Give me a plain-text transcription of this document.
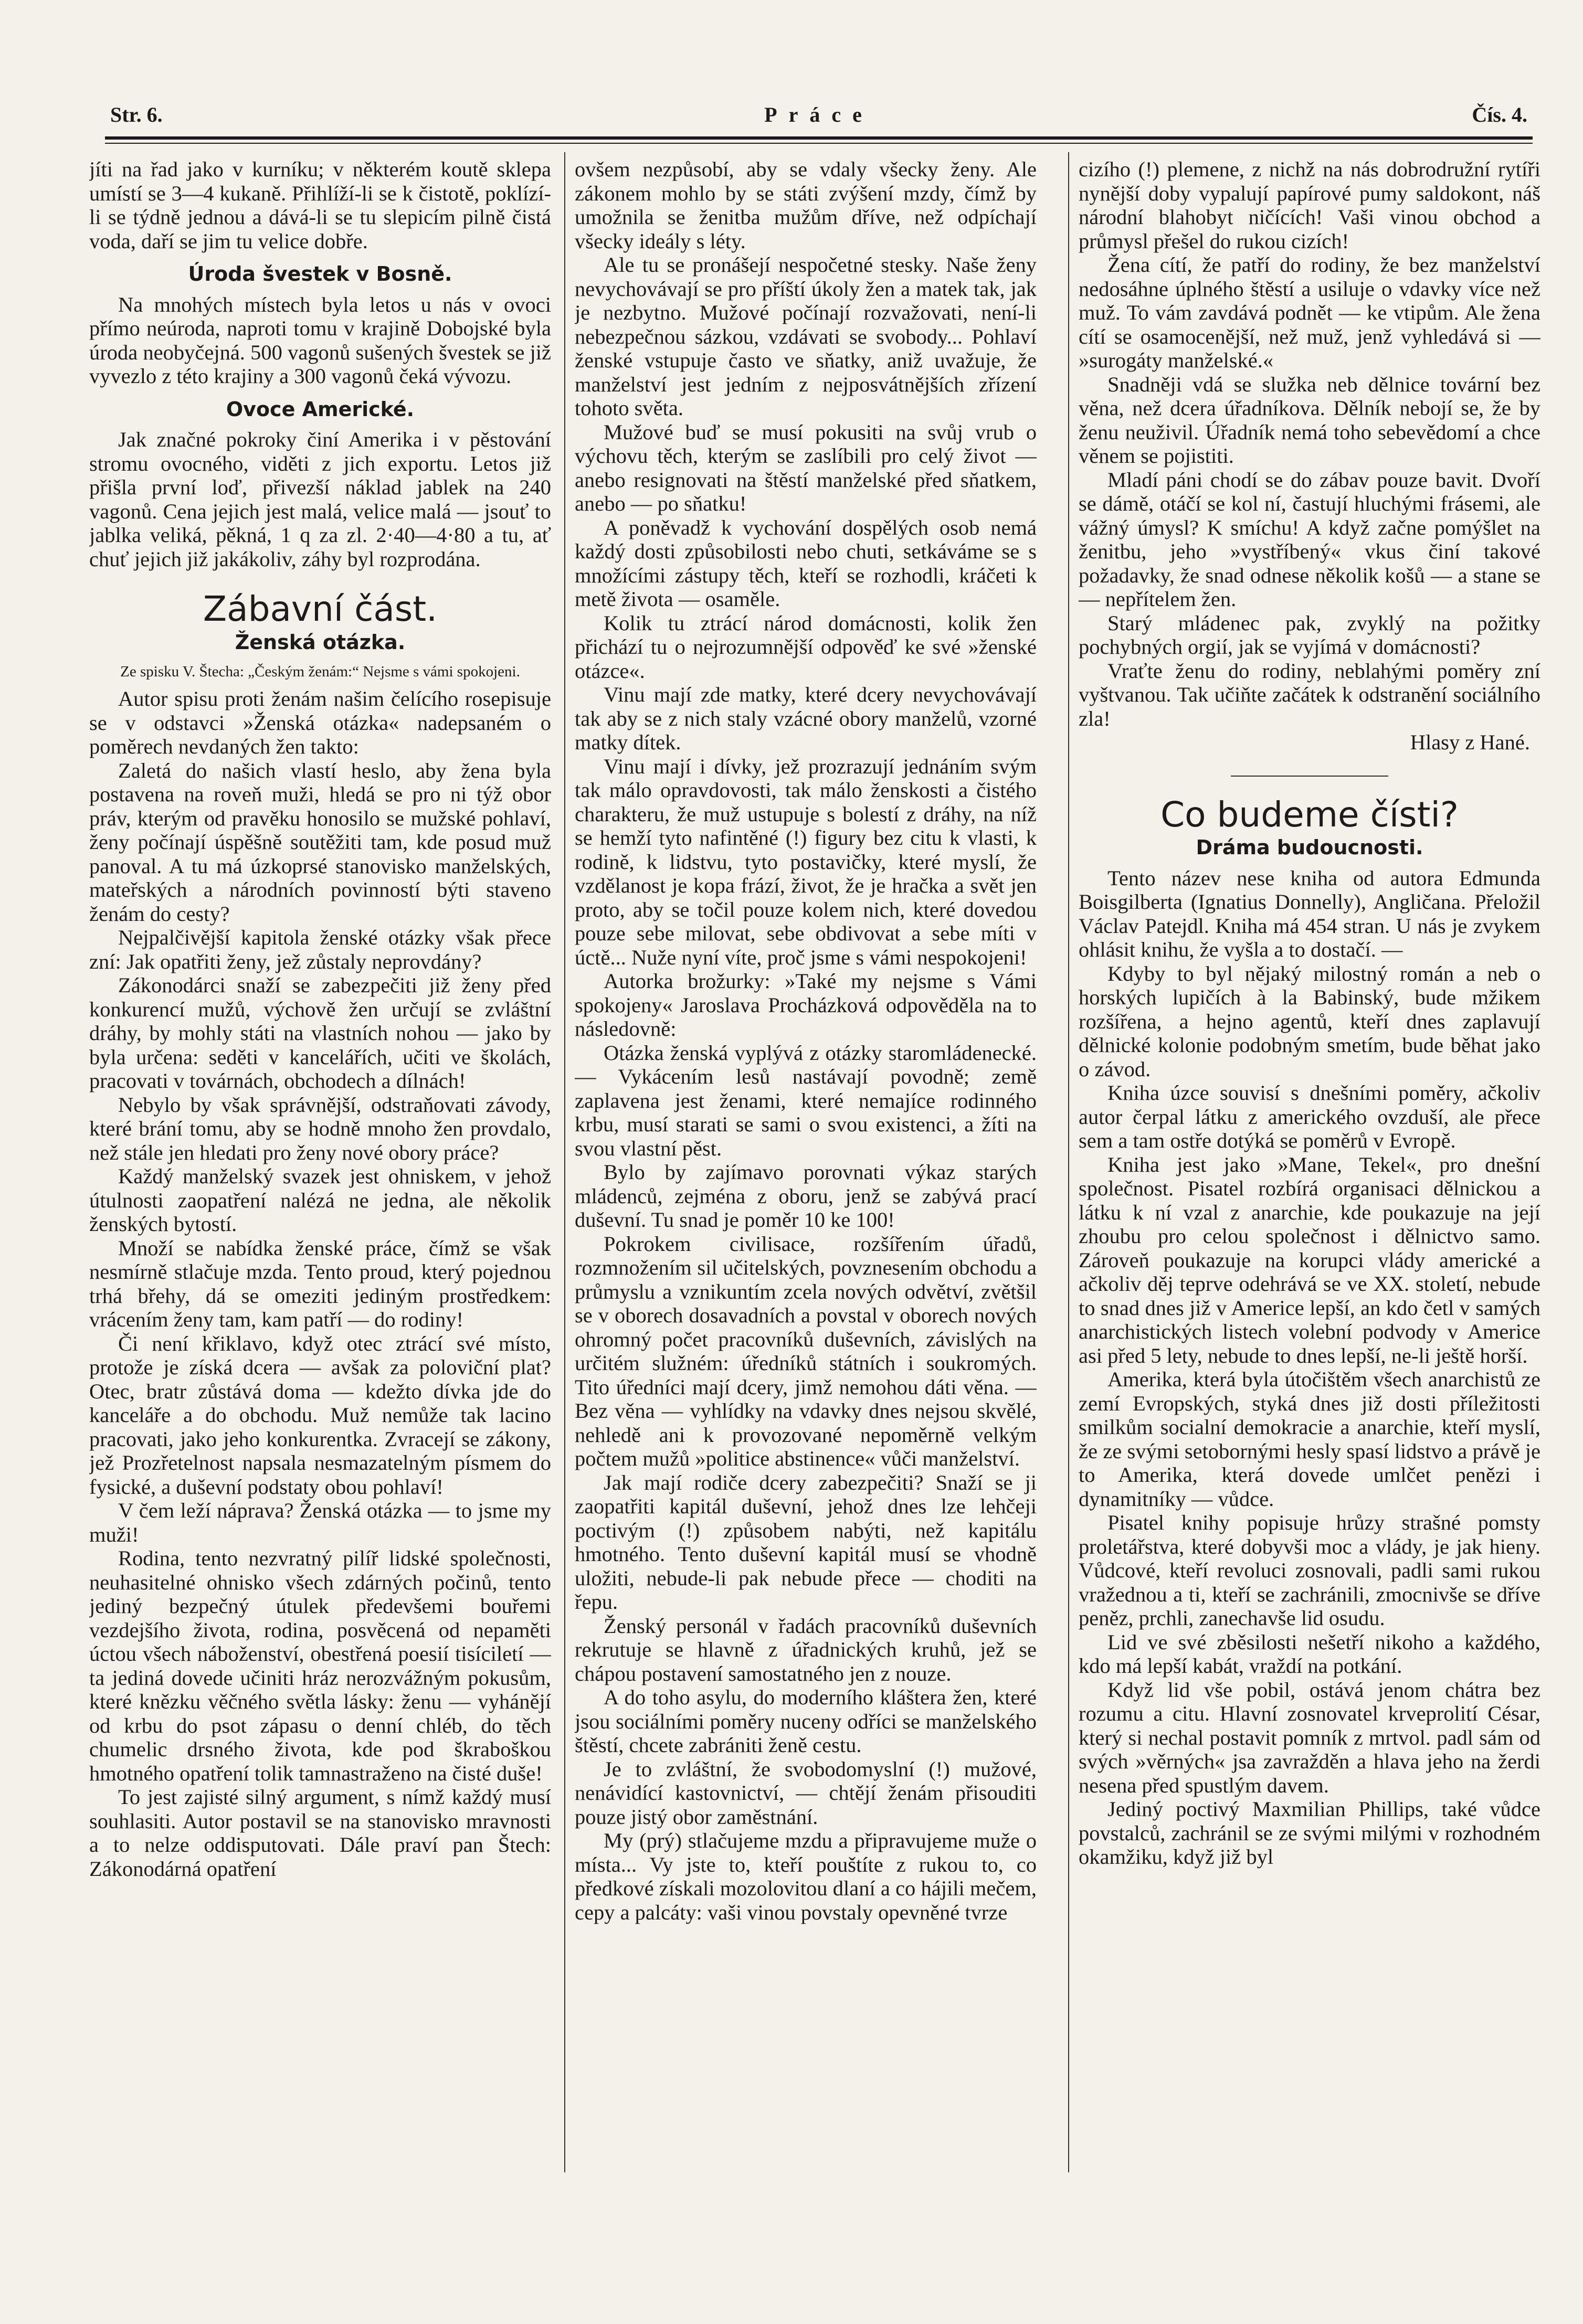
Str. 6.	Práce	Čís. 4.

jíti na řad jako v kurníku; v některém koutě sklepa umístí se 3—4 kukaně. Přihlíží-li se k čistotě, poklízí-li se týdně jednou a dává-li se tu slepicím pilně čistá voda, daří se jim tu velice dobře.

Úroda švestek v Bosně.

Na mnohých místech byla letos u nás v ovoci přímo neúroda, naproti tomu v krajině Dobojské byla úroda neobyčejná. 500 vagonů sušených švestek se již vyvezlo z této krajiny a 300 vagonů čeká vývozu.

Ovoce Americké.

Jak značné pokroky činí Amerika i v pěstování stromu ovocného, viděti z jich exportu. Letos již přišla první loď, přivezší náklad jablek na 240 vagonů. Cena jejich jest malá, velice malá — jsouť to jablka veliká, pěkná, 1 q za zl. 2·40—4·80 a tu, ať chuť jejich již jakákoliv, záhy byl rozprodána.

Zábavní část.
Ženská otázka.
Ze spisku V. Štecha: „Českým ženám:“ Nejsme s vámi spokojeni.

Autor spisu proti ženám našim čelícího rosepisuje se v odstavci »Ženská otázka« nadepsaném o poměrech nevdaných žen takto:

Zaletá do našich vlastí heslo, aby žena byla postavena na roveň muži, hledá se pro ni týž obor práv, kterým od pravěku honosilo se mužské pohlaví, ženy počínají úspěšně soutěžiti tam, kde posud muž panoval. A tu má úzkoprsé stanovisko manželských, mateřských a národních povinností býti staveno ženám do cesty?

Nejpalčivější kapitola ženské otázky však přece zní: Jak opatřiti ženy, jež zůstaly neprovdány?

Zákonodárci snaží se zabezpečiti již ženy před konkurencí mužů, výchově žen určují se zvláštní dráhy, by mohly státi na vlastních nohou — jako by byla určena: seděti v kancelářích, učiti ve školách, pracovati v továrnách, obchodech a dílnách!

Nebylo by však správnější, odstraňovati závody, které brání tomu, aby se hodně mnoho žen provdalo, než stále jen hledati pro ženy nové obory práce?

Každý manželský svazek jest ohniskem, v jehož útulnosti zaopatření nalézá ne jedna, ale několik ženských bytostí.

Množí se nabídka ženské práce, čímž se však nesmírně stlačuje mzda. Tento proud, který pojednou trhá břehy, dá se omeziti jediným prostředkem: vrácením ženy tam, kam patří — do rodiny!

Či není křiklavo, když otec ztrácí své místo, protože je získá dcera — avšak za poloviční plat? Otec, bratr zůstává doma — kdežto dívka jde do kanceláře a do obchodu. Muž nemůže tak lacino pracovati, jako jeho konkurentka. Zvracejí se zákony, jež Prozřetelnost napsala nesmazatelným písmem do fysické, a duševní podstaty obou pohlaví!

V čem leží náprava? Ženská otázka — to jsme my muži!

Rodina, tento nezvratný pilíř lidské společnosti, neuhasitelné ohnisko všech zdárných počinů, tento jediný bezpečný útulek předevšemi bouřemi vezdejšího života, rodina, posvěcená od nepaměti úctou všech náboženství, obestřená poesií tisíciletí — ta jediná dovede učiniti hráz nerozvážným pokusům, které knězku věčného světla lásky: ženu — vyhánějí od krbu do psot zápasu o denní chléb, do těch chumelic drsného života, kde pod škraboškou hmotného opatření tolik tamnastraženo na čisté duše!

To jest zajisté silný argument, s nímž každý musí souhlasiti. Autor postavil se na stanovisko mravnosti a to nelze oddisputovati. Dále praví pan Štech: Zákonodárná opatření

ovšem nezpůsobí, aby se vdaly všecky ženy. Ale zákonem mohlo by se státi zvýšení mzdy, čímž by umožnila se ženitba mužům dříve, než odpíchají všecky ideály s léty.

Ale tu se pronášejí nespočetné stesky. Naše ženy nevychovávají se pro příští úkoly žen a matek tak, jak je nezbytno. Mužové počínají rozvažovati, není-li nebezpečnou sázkou, vzdávati se svobody... Pohlaví ženské vstupuje často ve sňatky, aniž uvažuje, že manželství jest jedním z nejposvátnějších zřízení tohoto světa.

Mužové buď se musí pokusiti na svůj vrub o výchovu těch, kterým se zaslíbili pro celý život — anebo resignovati na štěstí manželské před sňatkem, anebo — po sňatku!

A poněvadž k vychování dospělých osob nemá každý dosti způsobilosti nebo chuti, setkáváme se s množícími zástupy těch, kteří se rozhodli, kráčeti k metě života — osaměle.

Kolik tu ztrácí národ domácnosti, kolik žen přichází tu o nejrozumnější odpověď ke své »ženské otázce«.

Vinu mají zde matky, které dcery nevychovávají tak aby se z nich staly vzácné obory manželů, vzorné matky dítek.

Vinu mají i dívky, jež prozrazují jednáním svým tak málo opravdovosti, tak málo ženskosti a čistého charakteru, že muž ustupuje s bolestí z dráhy, na níž se hemží tyto nafintěné (!) figury bez citu k vlasti, k rodině, k lidstvu, tyto postavičky, které myslí, že vzdělanost je kopa frází, život, že je hračka a svět jen proto, aby se točil pouze kolem nich, které dovedou pouze sebe milovat, sebe obdivovat a sebe míti v úctě... Nuže nyní víte, proč jsme s vámi nespokojeni!

Autorka brožurky: »Také my nejsme s Vámi spokojeny« Jaroslava Procházková odpověděla na to následovně:

Otázka ženská vyplývá z otázky staromládenecké. — Vykácením lesů nastávají povodně; země zaplavena jest ženami, které nemajíce rodinného krbu, musí starati se sami o svou existenci, a žíti na svou vlastní pěst.

Bylo by zajímavo porovnati výkaz starých mládenců, zejména z oboru, jenž se zabývá prací duševní. Tu snad je poměr 10 ke 100!

Pokrokem civilisace, rozšířením úřadů, rozmnožením sil učitelských, povznesením obchodu a průmyslu a vznikuntím zcela nových odvětví, zvětšil se v oborech dosavadních a povstal v oborech nových ohromný počet pracovníků duševních, závislých na určitém služném: úředníků státních i soukromých. Tito úředníci mají dcery, jimž nemohou dáti věna. — Bez věna — vyhlídky na vdavky dnes nejsou skvělé, nehledě ani k provozované nepoměrně velkým počtem mužů »politice abstinence« vůči manželství.

Jak mají rodiče dcery zabezpečiti? Snaží se ji zaopatřiti kapitál duševní, jehož dnes lze lehčeji poctivým (!) způsobem nabýti, než kapitálu hmotného. Tento duševní kapitál musí se vhodně uložiti, nebude-li pak nebude přece — choditi na řepu.

Ženský personál v řadách pracovníků duševních rekrutuje se hlavně z úřadnických kruhů, jež se chápou postavení samostatného jen z nouze.

A do toho asylu, do moderního kláštera žen, které jsou sociálními poměry nuceny odříci se manželského štěstí, chcete zabrániti ženě cestu.

Je to zvláštní, že svobodomyslní (!) mužové, nenávidící kastovnictví, — chtějí ženám přisouditi pouze jistý obor zaměstnání.

My (prý) stlačujeme mzdu a připravujeme muže o místa... Vy jste to, kteří pouštíte z rukou to, co předkové získali mozolovitou dlaní a co hájili mečem, cepy a palcáty: vaši vinou povstaly opevněné tvrze

cizího (!) plemene, z nichž na nás dobrodružní rytíři nynější doby vypalují papírové pumy saldokont, náš národní blahobyt ničících! Vaši vinou obchod a průmysl přešel do rukou cizích!

Žena cítí, že patří do rodiny, že bez manželství nedosáhne úplného štěstí a usiluje o vdavky více než muž. To vám zavdává podnět — ke vtipům. Ale žena cítí se osamocenější, než muž, jenž vyhledává si — »surogáty manželské.«

Snadněji vdá se služka neb dělnice tovární bez věna, než dcera úřadníkova. Dělník nebojí se, že by ženu neuživil. Úřadník nemá toho sebevědomí a chce věnem se pojistiti.

Mladí páni chodí se do zábav pouze bavit. Dvoří se dámě, otáčí se kol ní, častují hluchými frásemi, ale vážný úmysl? K smíchu! A když začne pomýšlet na ženitbu, jeho »vystříbený« vkus činí takové požadavky, že snad odnese několik košů — a stane se — nepřítelem žen.

Starý mládenec pak, zvyklý na požitky pochybných orgií, jak se vyjímá v domácnosti?

Vraťte ženu do rodiny, neblahými poměry zní vyštvanou. Tak učiňte začátek k odstranění sociálního zla!

Hlasy z Hané.

Co budeme čísti?
Dráma budoucnosti.

Tento název nese kniha od autora Edmunda Boisgilberta (Ignatius Donnelly), Angličana. Přeložil Václav Patejdl. Kniha má 454 stran. U nás je zvykem ohlásit knihu, že vyšla a to dostačí. —

Kdyby to byl nějaký milostný román a neb o horských lupičích à la Babinský, bude mžikem rozšířena, a hejno agentů, kteří dnes zaplavují dělnické kolonie podobným smetím, bude běhat jako o závod.

Kniha úzce souvisí s dnešními poměry, ačkoliv autor čerpal látku z amerického ovzduší, ale přece sem a tam ostře dotýká se poměrů v Evropě.

Kniha jest jako »Mane, Tekel«, pro dnešní společnost. Pisatel rozbírá organisaci dělnickou a látku k ní vzal z anarchie, kde poukazuje na její zhoubu pro celou společnost i dělnictvo samo. Zároveň poukazuje na korupci vlády americké a ačkoliv děj teprve odehrává se ve XX. století, nebude to snad dnes již v Americe lepší, an kdo četl v samých anarchistických listech volební podvody v Americe asi před 5 lety, nebude to dnes lepší, ne-li ještě horší.

Amerika, která byla útočištěm všech anarchistů ze zemí Evropských, styká dnes již dosti příležitosti smilkům socialní demokracie a anarchie, kteří myslí, že ze svými setobornými hesly spasí lidstvo a právě je to Amerika, která dovede umlčet penězi i dynamitníky — vůdce.

Pisatel knihy popisuje hrůzy strašné pomsty proletářstva, které dobyvši moc a vlády, je jak hieny. Vůdcové, kteří revoluci zosnovali, padli sami rukou vražednou a ti, kteří se zachránili, zmocnivše se dříve peněz, prchli, zanechavše lid osudu.

Lid ve své zběsilosti nešetří nikoho a každého, kdo má lepší kabát, vraždí na potkání.

Když lid vše pobil, ostává jenom chátra bez rozumu a citu. Hlavní zosnovatel krveprolití César, který si nechal postavit pomník z mrtvol. padl sám od svých »věrných« jsa zavražděn a hlava jeho na žerdi nesena před spustlým davem.

Jediný poctivý Maxmilian Phillips, také vůdce povstalců, zachránil se ze svými milými v rozhodném okamžiku, když již byl
